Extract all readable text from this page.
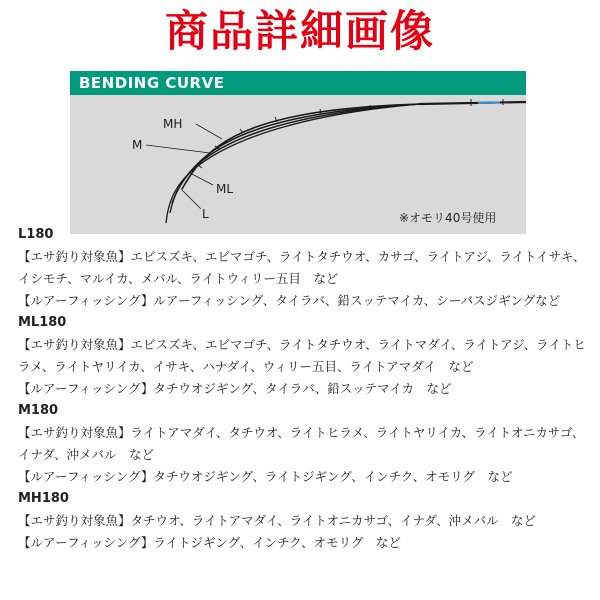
商品詳細画像
BENDING CURVE
MH
M
ML
L	※オモリ40号使用
L180
【エサ釣り対象魚】エビスズキ、エビマゴチ、ライトタチウオ、カサゴ、ライトアジ、ライトイサキ、イシモチ、マルイカ、メバル、ライトウィリー五目　など
【ルアーフィッシング】ルアーフィッシング、タイラバ、鉛スッテマイカ、シーバスジギングなど
ML180
【エサ釣り対象魚】エビスズキ、エビマゴチ、ライトタチウオ、ライトマダイ、ライトアジ、ライトヒラメ、ライトヤリイカ、イサキ、ハナダイ、ウィリー五目、ライトアマダイ　など
【ルアーフィッシング】タチウオジギング、タイラバ、鉛スッテマイカ　など
M180
【エサ釣り対象魚】ライトアマダイ、タチウオ、ライトヒラメ、ライトヤリイカ、ライトオニカサゴ、イナダ、沖メバル　など
【ルアーフィッシング】タチウオジギング、ライトジギング、インチク、オモリグ　など
MH180
【エサ釣り対象魚】タチウオ、ライトアマダイ、ライトオニカサゴ、イナダ、沖メバル　など
【ルアーフィッシング】ライトジギング、インチク、オモリグ　など
